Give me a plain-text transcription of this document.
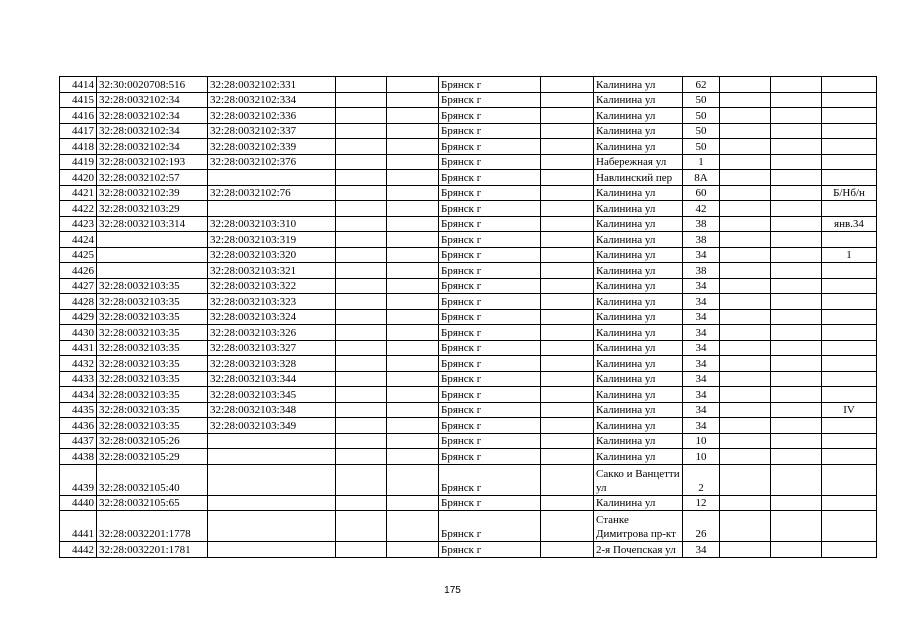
4414	32:30:0020708:516	32:28:0032102:331			Брянск г		Калинина ул	62			
4415	32:28:0032102:34	32:28:0032102:334			Брянск г		Калинина ул	50			
4416	32:28:0032102:34	32:28:0032102:336			Брянск г		Калинина ул	50			
4417	32:28:0032102:34	32:28:0032102:337			Брянск г		Калинина ул	50			
4418	32:28:0032102:34	32:28:0032102:339			Брянск г		Калинина ул	50			
4419	32:28:0032102:193	32:28:0032102:376			Брянск г		Набережная ул	1			
4420	32:28:0032102:57				Брянск г		Навлинский пер	8А			
4421	32:28:0032102:39	32:28:0032102:76			Брянск г		Калинина ул	60			Б/Нб/н
4422	32:28:0032103:29				Брянск г		Калинина ул	42			
4423	32:28:0032103:314	32:28:0032103:310			Брянск г		Калинина ул	38			янв.34
4424		32:28:0032103:319			Брянск г		Калинина ул	38			
4425		32:28:0032103:320			Брянск г		Калинина ул	34			1
4426		32:28:0032103:321			Брянск г		Калинина ул	38			
4427	32:28:0032103:35	32:28:0032103:322			Брянск г		Калинина ул	34			
4428	32:28:0032103:35	32:28:0032103:323			Брянск г		Калинина ул	34			
4429	32:28:0032103:35	32:28:0032103:324			Брянск г		Калинина ул	34			
4430	32:28:0032103:35	32:28:0032103:326			Брянск г		Калинина ул	34			
4431	32:28:0032103:35	32:28:0032103:327			Брянск г		Калинина ул	34			
4432	32:28:0032103:35	32:28:0032103:328			Брянск г		Калинина ул	34			
4433	32:28:0032103:35	32:28:0032103:344			Брянск г		Калинина ул	34			
4434	32:28:0032103:35	32:28:0032103:345			Брянск г		Калинина ул	34			
4435	32:28:0032103:35	32:28:0032103:348			Брянск г		Калинина ул	34			IV
4436	32:28:0032103:35	32:28:0032103:349			Брянск г		Калинина ул	34			
4437	32:28:0032105:26				Брянск г		Калинина ул	10			
4438	32:28:0032105:29				Брянск г		Калинина ул	10			
4439	32:28:0032105:40				Брянск г		Сакко и Ванцетти ул	2			
4440	32:28:0032105:65				Брянск г		Калинина ул	12			
4441	32:28:0032201:1778				Брянск г		Станке Димитрова пр-кт	26			
4442	32:28:0032201:1781				Брянск г		2-я Почепская ул	34			
175
